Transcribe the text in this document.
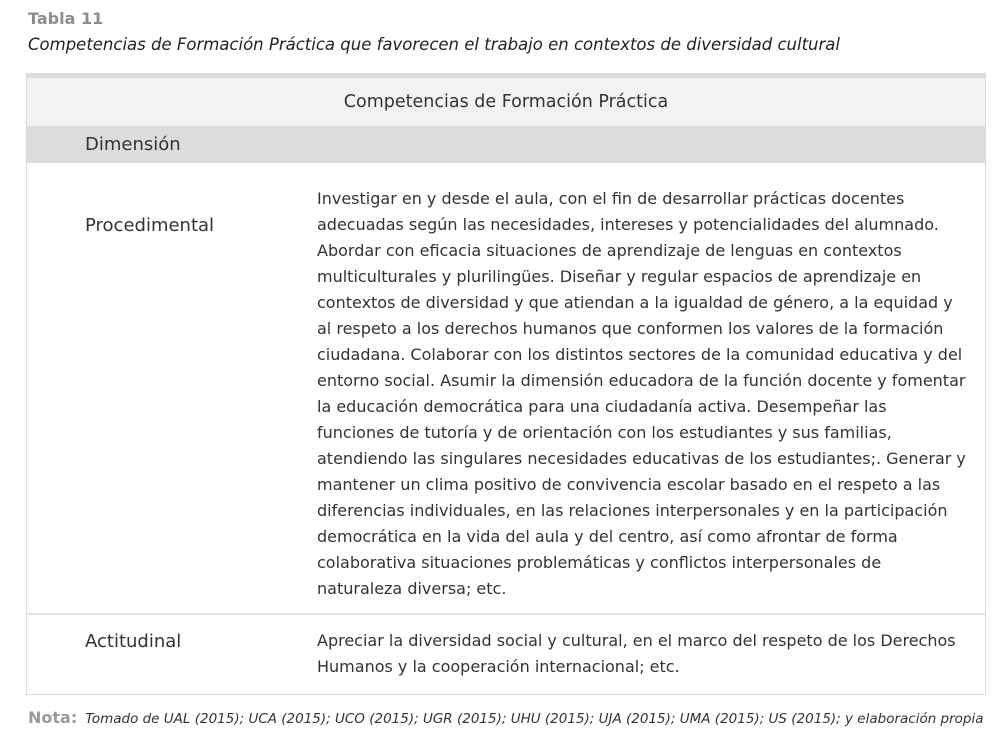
Tabla 11
Competencias de Formación Práctica que favorecen el trabajo en contextos de diversidad cultural
Competencias de Formación Práctica
Dimensión
Procedimental
Investigar en y desde el aula, con el fin de desarrollar prácticas docentes adecuadas según las necesidades, intereses y potencialidades del alumnado. Abordar con eficacia situaciones de aprendizaje de lenguas en contextos multiculturales y plurilingües. Diseñar y regular espacios de aprendizaje en contextos de diversidad y que atiendan a la igualdad de género, a la equidad y al respeto a los derechos humanos que conformen los valores de la formación ciudadana. Colaborar con los distintos sectores de la comunidad educativa y del entorno social. Asumir la dimensión educadora de la función docente y fomentar la educación democrática para una ciudadanía activa. Desempeñar las funciones de tutoría y de orientación con los estudiantes y sus familias, atendiendo las singulares necesidades educativas de los estudiantes;. Generar y mantener un clima positivo de convivencia escolar basado en el respeto a las diferencias individuales, en las relaciones interpersonales y en la participación democrática en la vida del aula y del centro, así como afrontar de forma colaborativa situaciones problemáticas y conflictos interpersonales de naturaleza diversa; etc.
Actitudinal	Apreciar la diversidad social y cultural, en el marco del respeto de los Derechos Humanos y la cooperación internacional; etc.
Nota: Tomado de UAL (2015); UCA (2015); UCO (2015); UGR (2015); UHU (2015); UJA (2015); UMA (2015); US (2015); y elaboración propia
